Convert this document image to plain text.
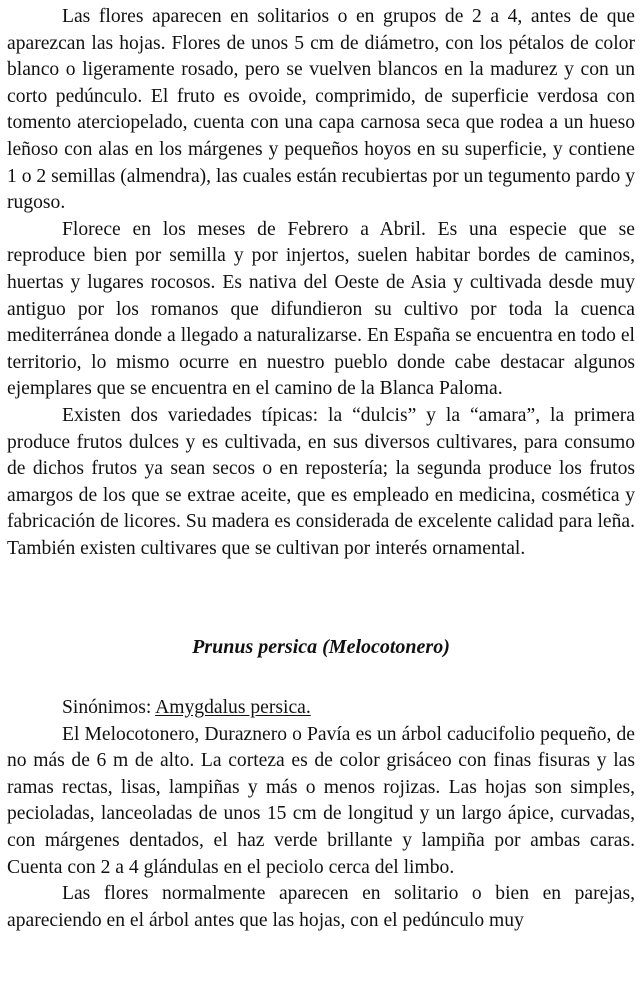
Las flores aparecen en solitarios o en grupos de 2 a 4, antes de que aparezcan las hojas. Flores de unos 5 cm de diámetro, con los pétalos de color blanco o ligeramente rosado, pero se vuelven blancos en la madurez y con un corto pedúnculo. El fruto es ovoide, comprimido, de superficie verdosa con tomento aterciopelado, cuenta con una capa carnosa seca que rodea a un hueso leñoso con alas en los márgenes y pequeños hoyos en su superficie, y contiene 1 o 2 semillas (almendra), las cuales están recubiertas por un tegumento pardo y rugoso.

Florece en los meses de Febrero a Abril. Es una especie que se reproduce bien por semilla y por injertos, suelen habitar bordes de caminos, huertas y lugares rocosos. Es nativa del Oeste de Asia y cultivada desde muy antiguo por los romanos que difundieron su cultivo por toda la cuenca mediterránea donde a llegado a naturalizarse. En España se encuentra en todo el territorio, lo mismo ocurre en nuestro pueblo donde cabe destacar algunos ejemplares que se encuentra en el camino de la Blanca Paloma.

Existen dos variedades típicas: la “dulcis” y la “amara”, la primera produce frutos dulces y es cultivada, en sus diversos cultivares, para consumo de dichos frutos ya sean secos o en repostería; la segunda produce los frutos amargos de los que se extrae aceite, que es empleado en medicina, cosmética y fabricación de licores. Su madera es considerada de excelente calidad para leña. También existen cultivares que se cultivan por interés ornamental.

Prunus persica (Melocotonero)

Sinónimos: Amygdalus persica.

El Melocotonero, Duraznero o Pavía es un árbol caducifolio pequeño, de no más de 6 m de alto. La corteza es de color grisáceo con finas fisuras y las ramas rectas, lisas, lampiñas y más o menos rojizas. Las hojas son simples, pecioladas, lanceoladas de unos 15 cm de longitud y un largo ápice, curvadas, con márgenes dentados, el haz verde brillante y lampiña por ambas caras. Cuenta con 2 a 4 glándulas en el peciolo cerca del limbo.

Las flores normalmente aparecen en solitario o bien en parejas, apareciendo en el árbol antes que las hojas, con el pedúnculo muy
